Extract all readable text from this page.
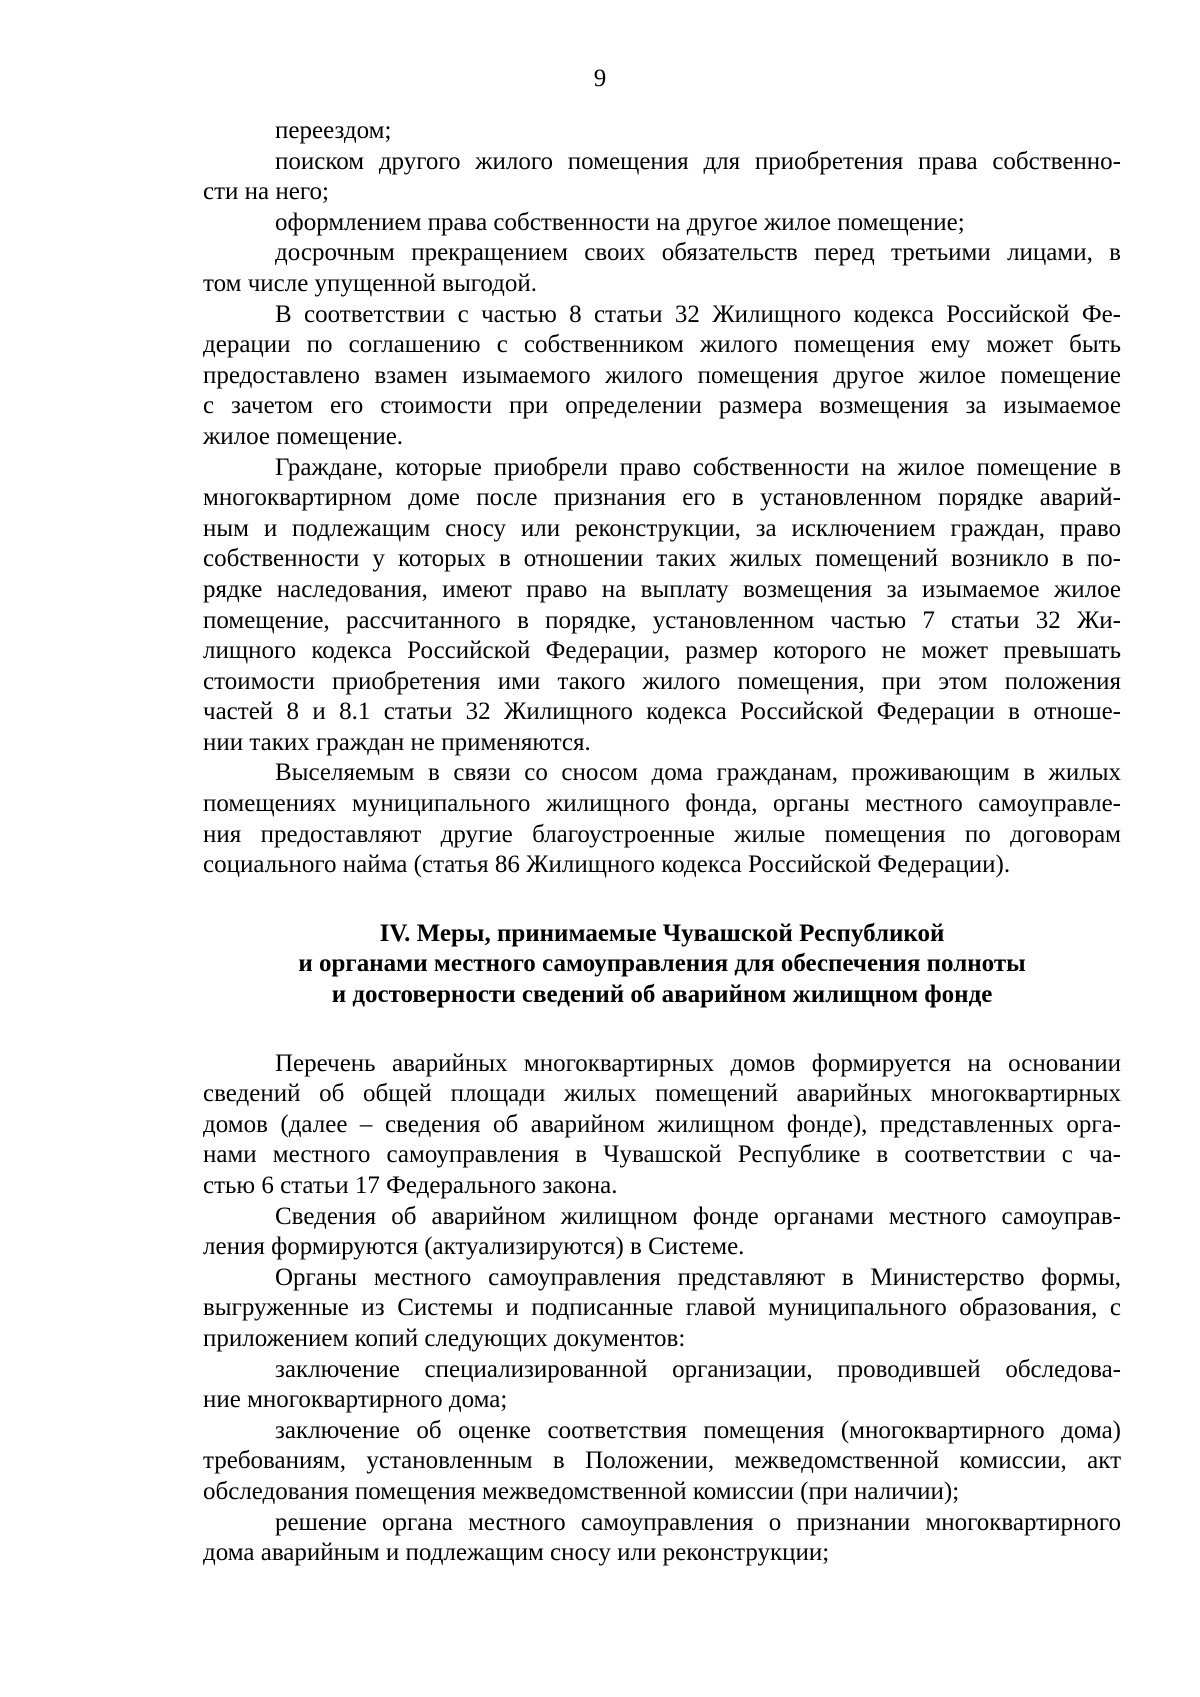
9
переездом;
поиском другого жилого помещения для приобретения права собственно-
сти на него;
оформлением права собственности на другое жилое помещение;
досрочным прекращением своих обязательств перед третьими лицами, в
том числе упущенной выгодой.
В соответствии с частью 8 статьи 32 Жилищного кодекса Российской Фе-
дерации по соглашению с собственником жилого помещения ему может быть
предоставлено взамен изымаемого жилого помещения другое жилое помещение
с зачетом его стоимости при определении размера возмещения за изымаемое
жилое помещение.
Граждане, которые приобрели право собственности на жилое помещение в
многоквартирном доме после признания его в установленном порядке аварий-
ным и подлежащим сносу или реконструкции, за исключением граждан, право
собственности у которых в отношении таких жилых помещений возникло в по-
рядке наследования, имеют право на выплату возмещения за изымаемое жилое
помещение, рассчитанного в порядке, установленном частью 7 статьи 32 Жи-
лищного кодекса Российской Федерации, размер которого не может превышать
стоимости приобретения ими такого жилого помещения, при этом положения
частей 8 и 8.1 статьи 32 Жилищного кодекса Российской Федерации в отноше-
нии таких граждан не применяются.
Выселяемым в связи со сносом дома гражданам, проживающим в жилых
помещениях муниципального жилищного фонда, органы местного самоуправле-
ния предоставляют другие благоустроенные жилые помещения по договорам
социального найма (статья 86 Жилищного кодекса Российской Федерации).
IV. Меры, принимаемые Чувашской Республикой
и органами местного самоуправления для обеспечения полноты
и достоверности сведений об аварийном жилищном фонде
Перечень аварийных многоквартирных домов формируется на основании
сведений об общей площади жилых помещений аварийных многоквартирных
домов (далее – сведения об аварийном жилищном фонде), представленных орга-
нами местного самоуправления в Чувашской Республике в соответствии с ча-
стью 6 статьи 17 Федерального закона.
Сведения об аварийном жилищном фонде органами местного самоуправ-
ления формируются (актуализируются) в Системе.
Органы местного самоуправления представляют в Министерство формы,
выгруженные из Системы и подписанные главой муниципального образования, с
приложением копий следующих документов:
заключение специализированной организации, проводившей обследова-
ние многоквартирного дома;
заключение об оценке соответствия помещения (многоквартирного дома)
требованиям, установленным в Положении, межведомственной комиссии, акт
обследования помещения межведомственной комиссии (при наличии);
решение органа местного самоуправления о признании многоквартирного
дома аварийным и подлежащим сносу или реконструкции;
